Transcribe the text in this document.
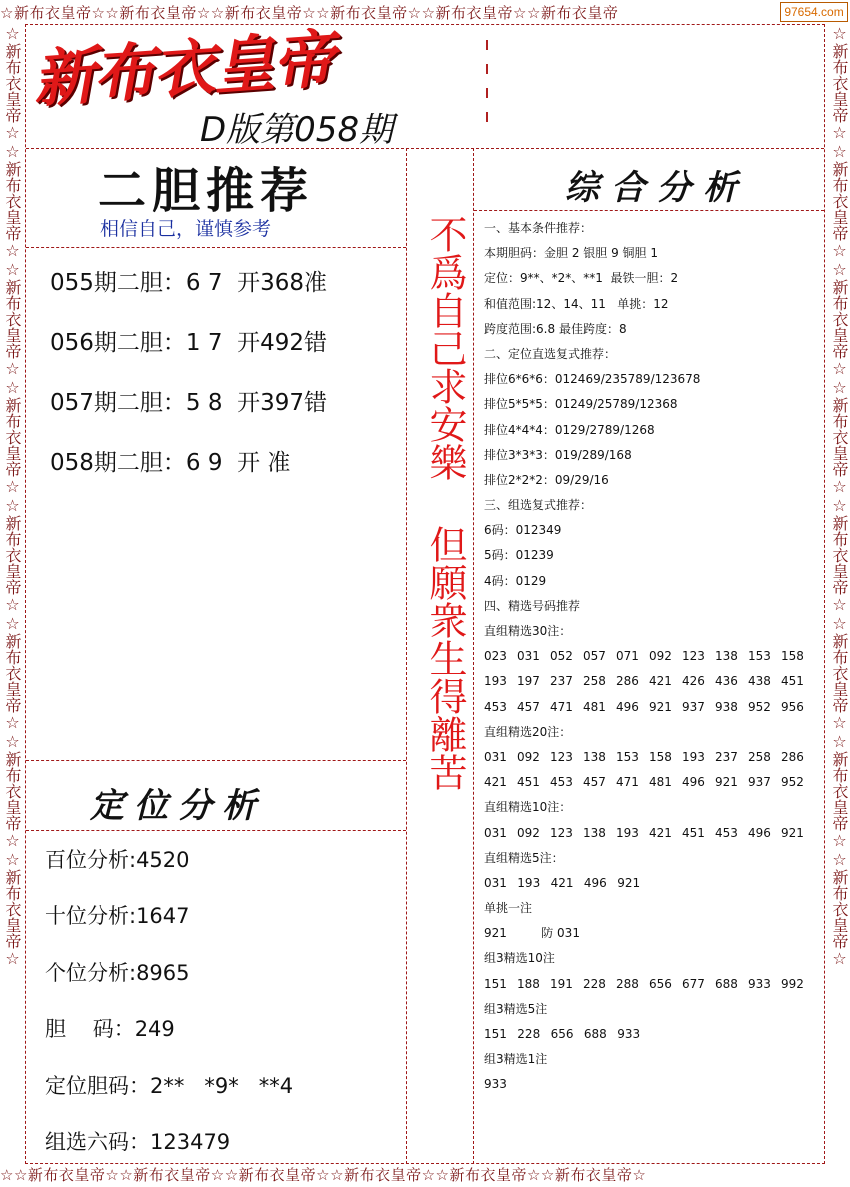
☆新布衣皇帝☆☆新布衣皇帝☆☆新布衣皇帝☆☆新布衣皇帝☆☆新布衣皇帝☆☆新布衣皇帝
☆☆新布衣皇帝☆☆新布衣皇帝☆☆新布衣皇帝☆☆新布衣皇帝☆☆新布衣皇帝☆☆新布衣皇帝☆
☆新布衣皇帝☆☆新布衣皇帝☆☆新布衣皇帝☆☆新布衣皇帝☆☆新布衣皇帝☆☆新布衣皇帝☆☆新布衣皇帝☆☆新布衣皇帝☆	☆新布衣皇帝☆☆新布衣皇帝☆☆新布衣皇帝☆☆新布衣皇帝☆☆新布衣皇帝☆☆新布衣皇帝☆☆新布衣皇帝☆☆新布衣皇帝☆
97654.com
新布衣皇帝
D版第058期
二胆推荐
相信自己，谨慎参考
055期二胆：6 7  开368准
056期二胆：1 7  开492错
057期二胆：5 8  开397错
058期二胆：6 9  开 准	不爲自己求安樂 但願衆生得離苦
定位分析
百位分析:4520
十位分析:1647
个位分析:8965
胆    码：249
定位胆码：2**   *9*   **4
组选六码：123479
综合分析
一、基本条件推荐：
本期胆码：金胆 2 银胆 9 铜胆 1
定位：9**、*2*、**1  最铁一胆：2
和值范围:12、14、11   单挑：12
跨度范围:6.8 最佳跨度：8
二、定位直选复式推荐：
排位6*6*6：012469/235789/123678
排位5*5*5：01249/25789/12368
排位4*4*4：0129/2789/1268
排位3*3*3：019/289/168
排位2*2*2：09/29/16
三、组选复式推荐：
6码：012349
5码：01239
4码：0129
四、精选号码推荐
直组精选30注：
023 031 052 057 071 092 123 138 153 158
193 197 237 258 286 421 426 436 438 451
453 457 471 481 496 921 937 938 952 956
直组精选20注：
031 092 123 138 153 158 193 237 258 286
421 451 453 457 471 481 496 921 937 952
直组精选10注：
031 092 123 138 193 421 451 453 496 921
直组精选5注：
031 193 421 496 921
单挑一注
921         防 031
组3精选10注
151 188 191 228 288 656 677 688 933 992
组3精选5注
151 228 656 688 933
组3精选1注
933
